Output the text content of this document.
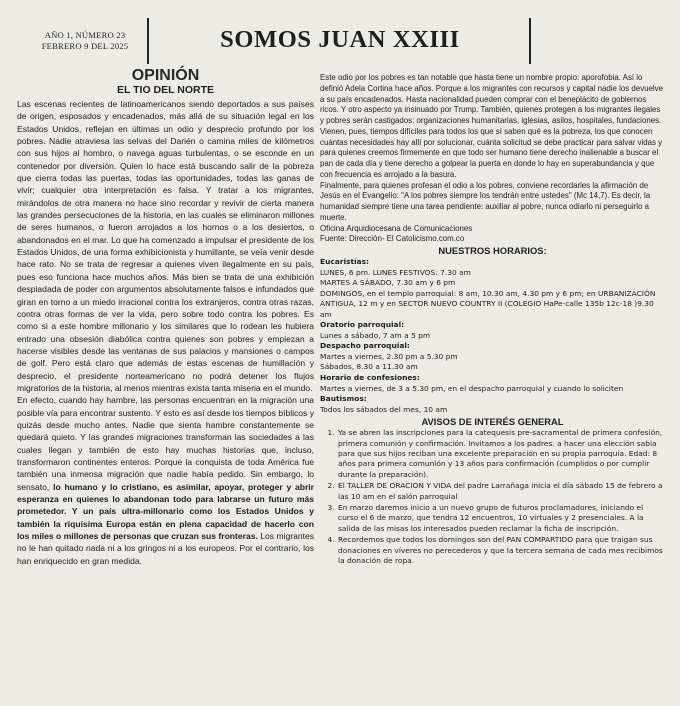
AÑO 1, NÚMERO 23
FEBRERO 9 DEL 2025	SOMOS JUAN XXIII
OPINIÓN
EL TIO DEL NORTE

Las escenas recientes de latinoamericanos siendo deportados a sus países de origen, esposados y encadenados, más allá de su situación legal en los Estados Unidos, reflejan en últimas un odio y desprecio profundo por los pobres. Nadie atraviesa las selvas del Darién o camina miles de kilómetros con sus hijos al hombro, o navega aguas turbulentas, o se esconde en un contenedor por diversión. Quien lo hace está buscando salir de la pobreza que cierra todas las puertas, todas las oportunidades, todas las ganas de vivir; cualquier otra interpretación es falsa. Y tratar a los migrantes, mirándolos de otra manera no hace sino recordar y revivir de cierta manera las grandes persecuciones de la historia, en las cuales se eliminaron millones de seres humanos, o fueron arrojados a los hornos o a los desiertos, o abandonados en el mar. Lo que ha comenzado a impulsar el presidente de los Estados Unidos, de una forma exhibicionista y humillante, se veía venir desde hace rato. No se trata de regresar a quienes viven ilegalmente en su país, pues eso funciona hace muchos años. Más bien se trata de una exhibición despiadada de poder con argumentos absolutamente falsos e infundados que giran en torno a un miedo irracional contra los extranjeros, contra otras razas, contra otras formas de ver la vida, pero sobre todo contra los pobres. Es como si a este hombre millonario y los similares que lo rodean les hubiera entrado una obsesión diabólica contra quienes son pobres y empiezan a hacerse visibles desde las ventanas de sus palacios y mansiones o campos de golf. Pero está claro que además de estas escenas de humillación y desprecio, el presidente norteamericano no podrá detener los flujos migratorios de la historia, al menos mientras exista tanta miseria en el mundo.

En efecto, cuando hay hambre, las personas encuentran en la migración una posible vía para encontrar sustento. Y esto es así desde los tiempos bíblicos y quizás desde mucho antes. Nadie que sienta hambre constantemente se quedará quieto. Y las grandes migraciones transforman las sociedades a las cuales llegan y también de esto hay muchas historias que, incluso, transformaron continentes enteros. Porque la conquista de toda América fue también una inmensa migración que nadie había pedido. Sin embargo, lo sensato, lo humano y lo cristiano, es asimilar, apoyar, proteger y abrir esperanza en quienes lo abandonan todo para labrarse un futuro más prometedor. Y un país ultra-millonario como los Estados Unidos y también la riquísima Europa están en plena capacidad de hacerlo con los miles o millones de personas que cruzan sus fronteras. Los migrantes no le han quitado nada ni a los gringos ni a los europeos. Por el contrario, los han enriquecido en gran medida.

Este odio por los pobres es tan notable que hasta tiene un nombre propio: aporofobia. Así lo definió Adela Cortina hace años. Porque a los migrantes con recursos y capital nadie los devuelve a su país encadenados. Hasta nacionalidad pueden comprar con el beneplácito de gobiernos ricos. Y otro aspecto ya insinuado por Trump. También, quienes protegen a los migrantes ilegales y pobres serán castigados: organizaciones humanitarias, iglesias, asilos, hospitales, fundaciones. Vienen, pues, tiempos difíciles para todos los que sí saben qué es la pobreza, los que conocen cuántas necesidades hay allí por solucionar, cuánta solicitud se debe practicar para salvar vidas y para quienes creemos firmemente en que todo ser humano tiene derecho inalienable a buscar el pan de cada día y tiene derecho a golpear la puerta en donde lo hay en superabundancia y que con frecuencia es arrojado a la basura.

Finalmente, para quienes profesan el odio a los pobres, conviene recordarles la afirmación de Jesús en el Evangelio: "A los pobres siempre los tendrán entre ustedes" (Mc 14,7). Es decir, la humanidad siempre tiene una tarea pendiente: auxiliar al pobre, nunca odiarlo ni perseguirlo a muerte.

Oficina Arquidiocesana de Comunicaciones

Fuente: Dirección- El Catolicismo.com.co

NUESTROS HORARIOS:

Eucaristías:
LUNES, 6 pm. LUNES FESTIVOS: 7.30 am
MARTES A SÁBADO, 7.30 am y 6 pm
DOMINGOS, en el templo parroquial: 8 am, 10.30 am, 4.30 pm y 6 pm; en URBANIZACIÓN ANTIGUA, 12 m y en SECTOR NUEVO COUNTRY II (COLEGIO HaPe-calle 135b 12c-18 )9.30 am
Oratorio parroquial:
Lunes a sábado, 7 am a 5 pm
Despacho parroquial:
Martes a viernes, 2.30 pm a 5.30 pm
Sábados, 8.30 a 11.30 am
Horario de confesiones:
Martes a viernes, de 3 a 5.30 pm, en el despacho parroquial y cuando lo soliciten
Bautismos:
Todos los sábados del mes, 10 am

AVISOS DE INTERÉS GENERAL

1. Ya se abren las inscripciones para la catequesis pre-sacramental de primera confesión, primera comunión y confirmación. Invitamos a los padres. a hacer una elección sabia para que sus hijos reciban una excelente preparación en su propia parroquia. Edad: 8 años para primera comunión y 13 años para confirmación (cumplidos o por cumplir durante la preparación).
2. El TALLER DE ORACION Y VIDA del padre Larrañaga inicia el día sábado 15 de febrero a las 10 am en el salón parroquial
3. En marzo daremos inicio a un nuevo grupo de futuros proclamadores, iniciando el curso el 6 de marzo, que tendra 12 encuentros, 10 virtuales y 2 presenciales. A la salida de las misas los interesados pueden reclamar la ficha de inscripción.
4. Recordemos que todos los domingos son del PAN COMPARTIDO para que traigan sus donaciones en víveres no perecederos y que la tercera semana de cada mes recibimos la donación de ropa.
